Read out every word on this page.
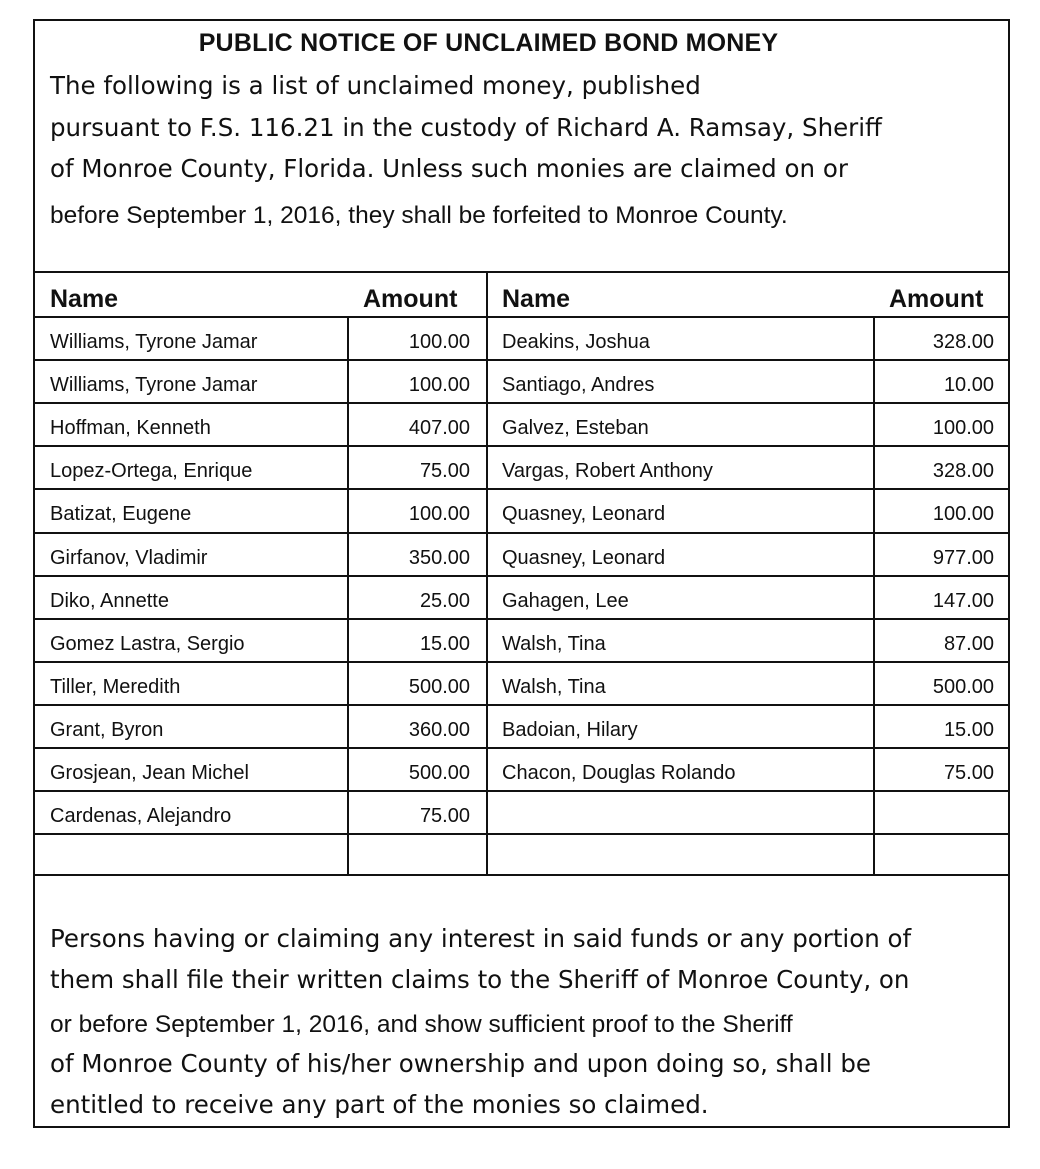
PUBLIC NOTICE OF UNCLAIMED BOND MONEY
The following is a list of unclaimed money, published
pursuant to F.S. 116.21 in the custody of Richard A. Ramsay, Sheriff
of Monroe County, Florida. Unless such monies are claimed on or
before September 1, 2016, they shall be forfeited to Monroe County.
Name	Amount Name	Amount
Williams, Tyrone Jamar	100.00 Deakins, Joshua	328.00
Williams, Tyrone Jamar	100.00 Santiago, Andres	10.00
Hoffman, Kenneth	407.00 Galvez, Esteban	100.00
Lopez-Ortega, Enrique	75.00 Vargas, Robert Anthony	328.00
Batizat, Eugene	100.00 Quasney, Leonard	100.00
Girfanov, Vladimir	350.00 Quasney, Leonard	977.00
Diko, Annette	25.00 Gahagen, Lee	147.00
Gomez Lastra, Sergio	15.00 Walsh, Tina	87.00
Tiller, Meredith	500.00 Walsh, Tina	500.00
Grant, Byron	360.00 Badoian, Hilary	15.00
Grosjean, Jean Michel	500.00 Chacon, Douglas Rolando	75.00
Cardenas, Alejandro	75.00
Persons having or claiming any interest in said funds or any portion of
them shall file their written claims to the Sheriff of Monroe County, on
or before September 1, 2016, and show sufficient proof to the Sheriff
of Monroe County of his/her ownership and upon doing so, shall be
entitled to receive any part of the monies so claimed.
